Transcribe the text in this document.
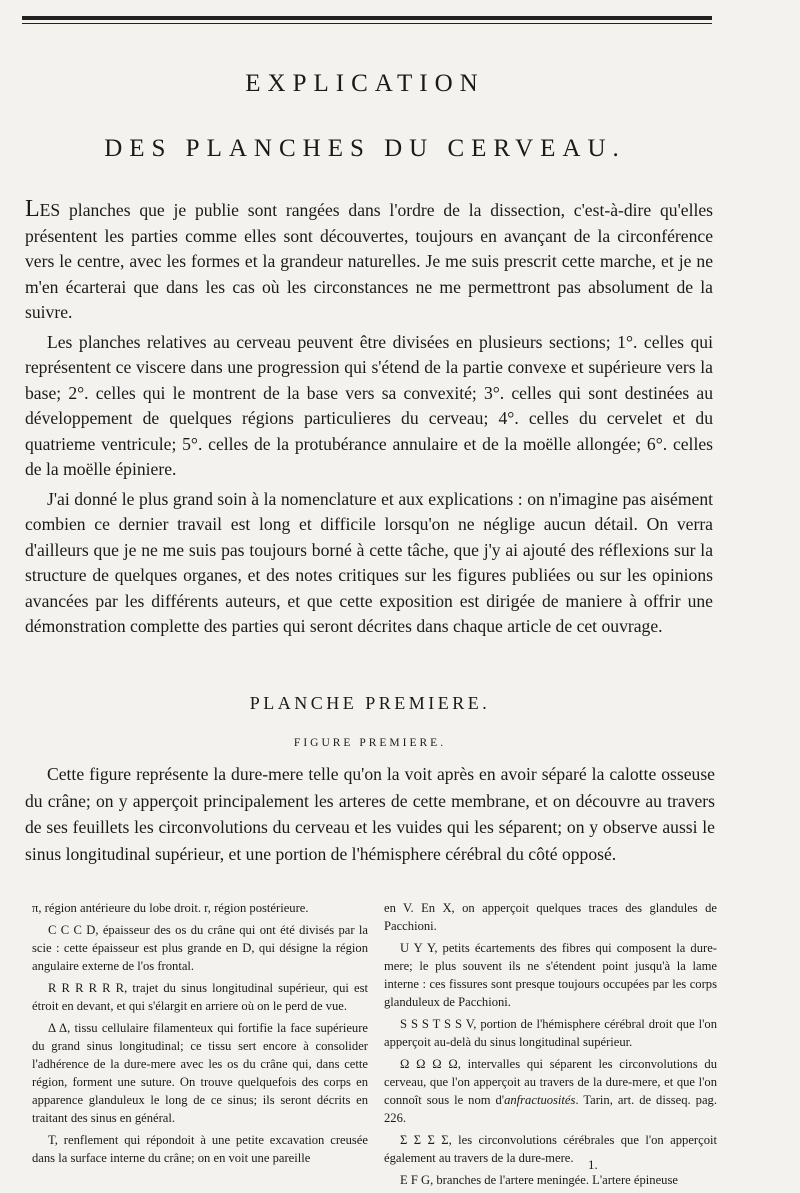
EXPLICATION
DES PLANCHES DU CERVEAU.

LES planches que je publie sont rangées dans l'ordre de la dissection, c'est-à-dire qu'elles présentent les parties comme elles sont découvertes, toujours en avançant de la circonférence vers le centre, avec les formes et la grandeur naturelles. Je me suis prescrit cette marche, et je ne m'en écarterai que dans les cas où les circonstances ne me permettront pas absolument de la suivre.

Les planches relatives au cerveau peuvent être divisées en plusieurs sections; 1°. celles qui représentent ce viscere dans une progression qui s'étend de la partie convexe et supérieure vers la base; 2°. celles qui le montrent de la base vers sa convexité; 3°. celles qui sont destinées au développement de quelques régions particulieres du cerveau; 4°. celles du cervelet et du quatrieme ventricule; 5°. celles de la protubérance annulaire et de la moëlle allongée; 6°. celles de la moëlle épiniere.

J'ai donné le plus grand soin à la nomenclature et aux explications : on n'imagine pas aisément combien ce dernier travail est long et difficile lorsqu'on ne néglige aucun détail. On verra d'ailleurs que je ne me suis pas toujours borné à cette tâche, que j'y ai ajouté des réflexions sur la structure de quelques organes, et des notes critiques sur les figures publiées ou sur les opinions avancées par les différents auteurs, et que cette exposition est dirigée de maniere à offrir une démonstration complette des parties qui seront décrites dans chaque article de cet ouvrage.

PLANCHE PREMIERE.
FIGURE PREMIERE.

Cette figure représente la dure-mere telle qu'on la voit après en avoir séparé la calotte osseuse du crâne; on y apperçoit principalement les arteres de cette membrane, et on découvre au travers de ses feuillets les circonvolutions du cerveau et les vuides qui les séparent; on y observe aussi le sinus longitudinal supérieur, et une portion de l'hémisphere cérébral du côté opposé.

π, région antérieure du lobe droit. r, région postérieure.

C C C D, épaisseur des os du crâne qui ont été divisés par la scie : cette épaisseur est plus grande en D, qui désigne la région angulaire externe de l'os frontal.

R R R R R R, trajet du sinus longitudinal supérieur, qui est étroit en devant, et qui s'élargit en arriere où on le perd de vue.

Δ Δ, tissu cellulaire filamenteux qui fortifie la face supérieure du grand sinus longitudinal; ce tissu sert encore à consolider l'adhérence de la dure-mere avec les os du crâne qui, dans cette région, forment une suture. On trouve quelquefois des corps en apparence glanduleux le long de ce sinus; ils seront décrits en traitant des sinus en général.

T, renflement qui répondoit à une petite excavation creusée dans la surface interne du crâne; on en voit une pareille

en V. En X, on apperçoit quelques traces des glandules de Pacchioni.

U Y Y, petits écartements des fibres qui composent la dure-mere; le plus souvent ils ne s'étendent point jusqu'à la lame interne : ces fissures sont presque toujours occupées par les corps glanduleux de Pacchioni.

S S S T S S V, portion de l'hémisphere cérébral droit que l'on apperçoit au-delà du sinus longitudinal supérieur.

Ω Ω Ω Ω, intervalles qui séparent les circonvolutions du cerveau, que l'on apperçoit au travers de la dure-mere, et que l'on connoît sous le nom d'anfractuosités. Tarin, art. de disseq. pag. 226.

Σ Σ Σ Σ, les circonvolutions cérébrales que l'on apperçoit également au travers de la dure-mere.

E F G, branches de l'artere meningée. L'artere épineuse

1.
